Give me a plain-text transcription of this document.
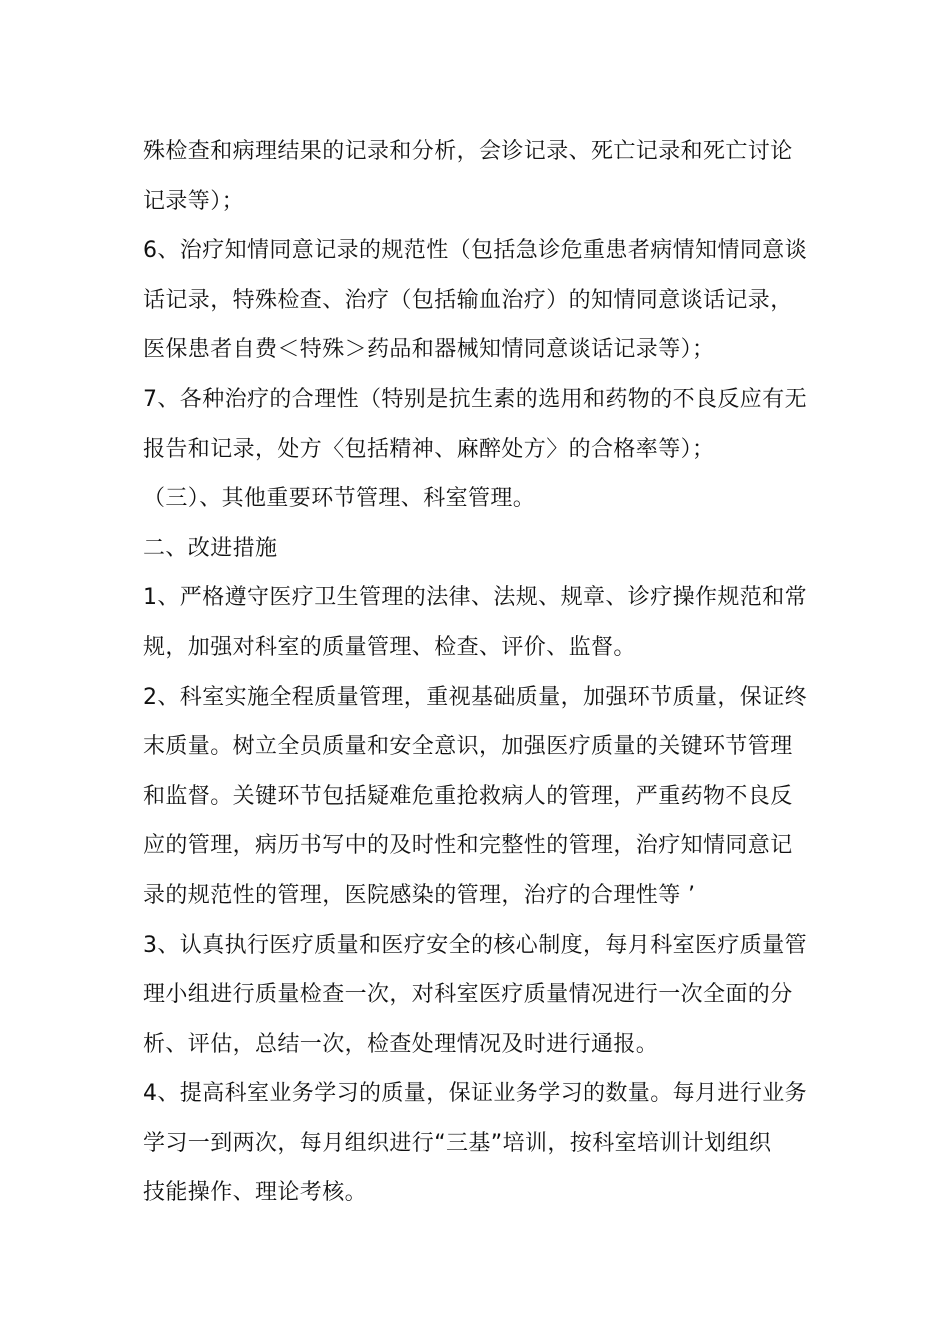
殊检查和病理结果的记录和分析，会诊记录、死亡记录和死亡讨论
记录等）；
6、治疗知情同意记录的规范性（包括急诊危重患者病情知情同意谈
话记录，特殊检查、治疗（包括输血治疗）的知情同意谈话记录，
医保患者自费＜特殊＞药品和器械知情同意谈话记录等）；
7、各种治疗的合理性（特别是抗生素的选用和药物的不良反应有无
报告和记录，处方〈包括精神、麻醉处方〉的合格率等）；
（三）、其他重要环节管理、科室管理。
二、改进措施
1、严格遵守医疗卫生管理的法律、法规、规章、诊疗操作规范和常
规，加强对科室的质量管理、检查、评价、监督。
2、科室实施全程质量管理，重视基础质量，加强环节质量，保证终
末质量。树立全员质量和安全意识，加强医疗质量的关键环节管理
和监督。关键环节包括疑难危重抢救病人的管理，严重药物不良反
应的管理，病历书写中的及时性和完整性的管理，治疗知情同意记
录的规范性的管理，医院感染的管理，治疗的合理性等 ’
3、认真执行医疗质量和医疗安全的核心制度，每月科室医疗质量管
理小组进行质量检查一次，对科室医疗质量情况进行一次全面的分
析、评估，总结一次，检查处理情况及时进行通报。
4、提高科室业务学习的质量，保证业务学习的数量。每月进行业务
学习一到两次，每月组织进行“三基”培训，按科室培训计划组织
技能操作、理论考核。
